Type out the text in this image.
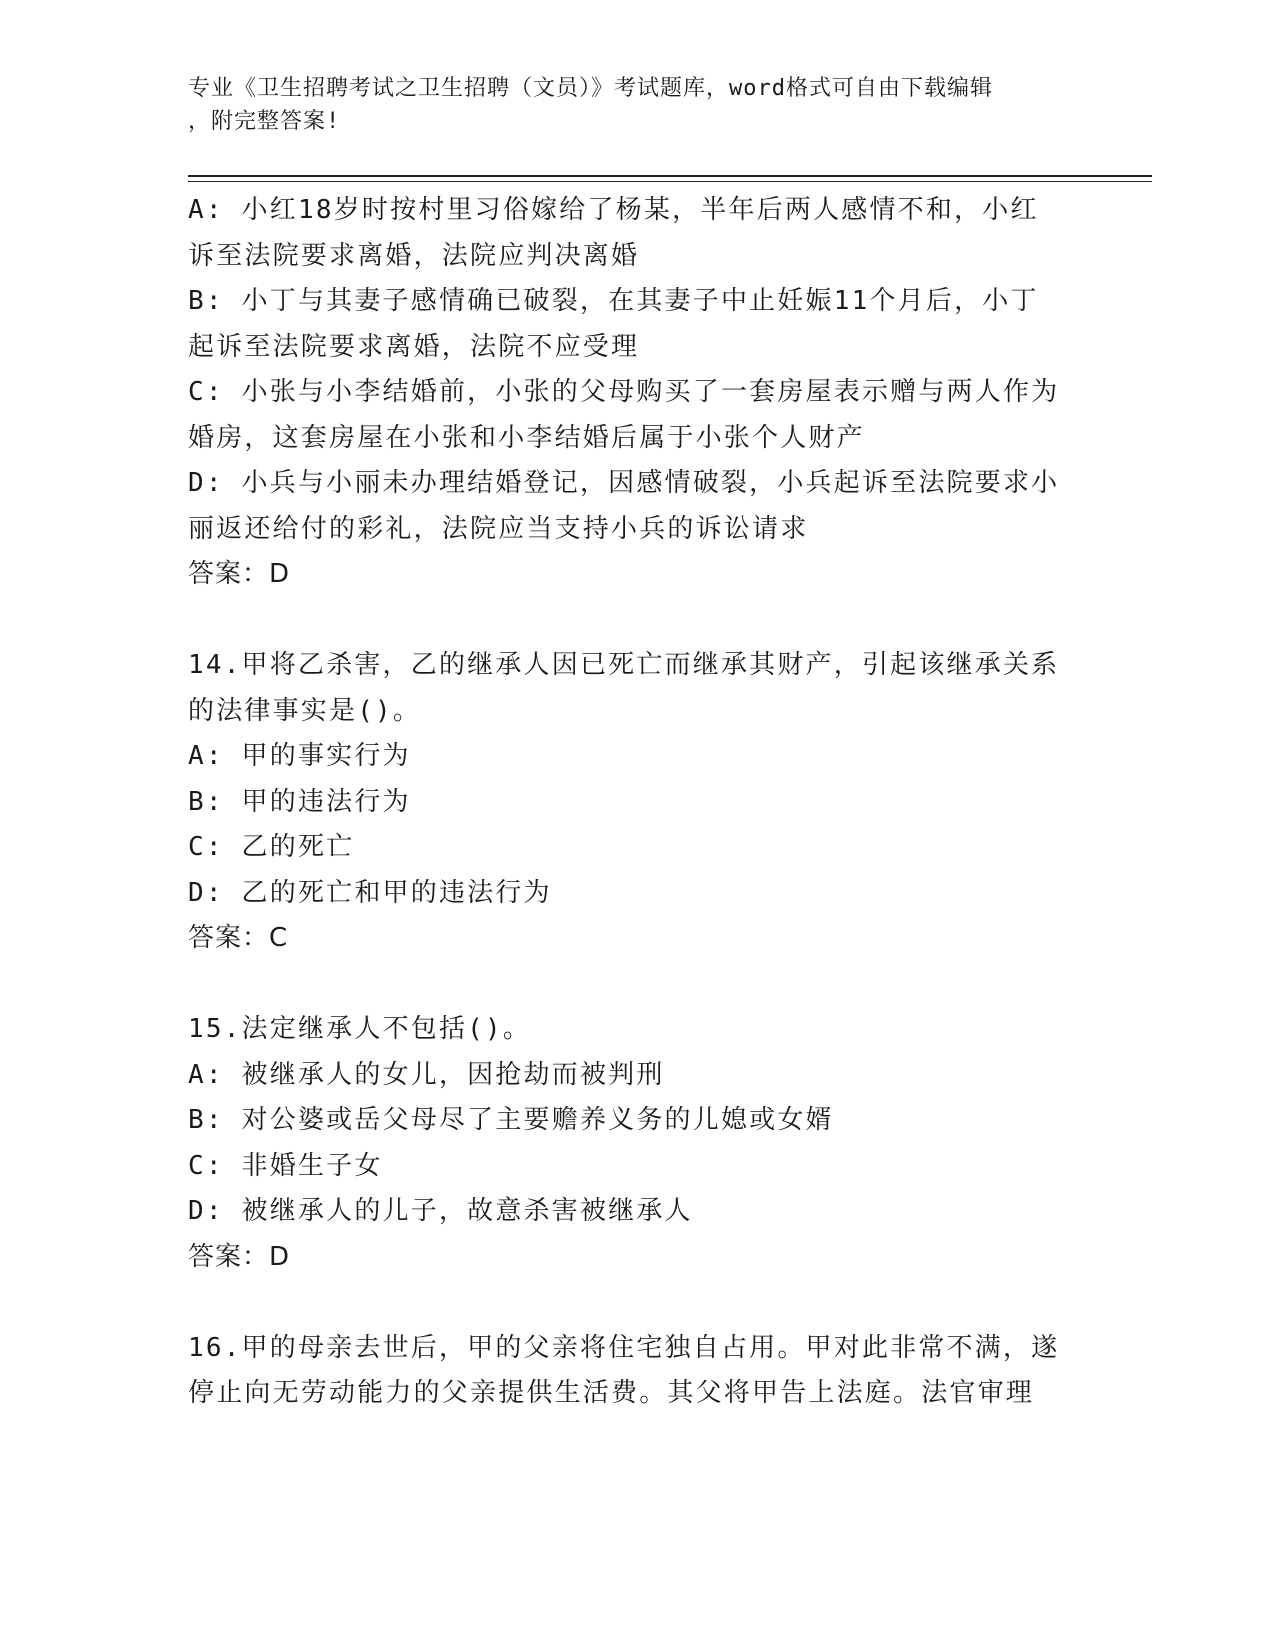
专业《卫生招聘考试之卫生招聘（文员）》考试题库，word格式可自由下载编辑
，附完整答案!
A: 小红18岁时按村里习俗嫁给了杨某，半年后两人感情不和，小红
诉至法院要求离婚，法院应判决离婚
B: 小丁与其妻子感情确已破裂，在其妻子中止妊娠11个月后，小丁
起诉至法院要求离婚，法院不应受理
C: 小张与小李结婚前，小张的父母购买了一套房屋表示赠与两人作为
婚房，这套房屋在小张和小李结婚后属于小张个人财产
D: 小兵与小丽未办理结婚登记，因感情破裂，小兵起诉至法院要求小
丽返还给付的彩礼，法院应当支持小兵的诉讼请求
答案：D
14.甲将乙杀害，乙的继承人因已死亡而继承其财产，引起该继承关系
的法律事实是()。
A: 甲的事实行为
B: 甲的违法行为
C: 乙的死亡
D: 乙的死亡和甲的违法行为
答案：C
15.法定继承人不包括()。
A: 被继承人的女儿，因抢劫而被判刑
B: 对公婆或岳父母尽了主要赡养义务的儿媳或女婿
C: 非婚生子女
D: 被继承人的儿子，故意杀害被继承人
答案：D
16.甲的母亲去世后，甲的父亲将住宅独自占用。甲对此非常不满，遂
停止向无劳动能力的父亲提供生活费。其父将甲告上法庭。法官审理
